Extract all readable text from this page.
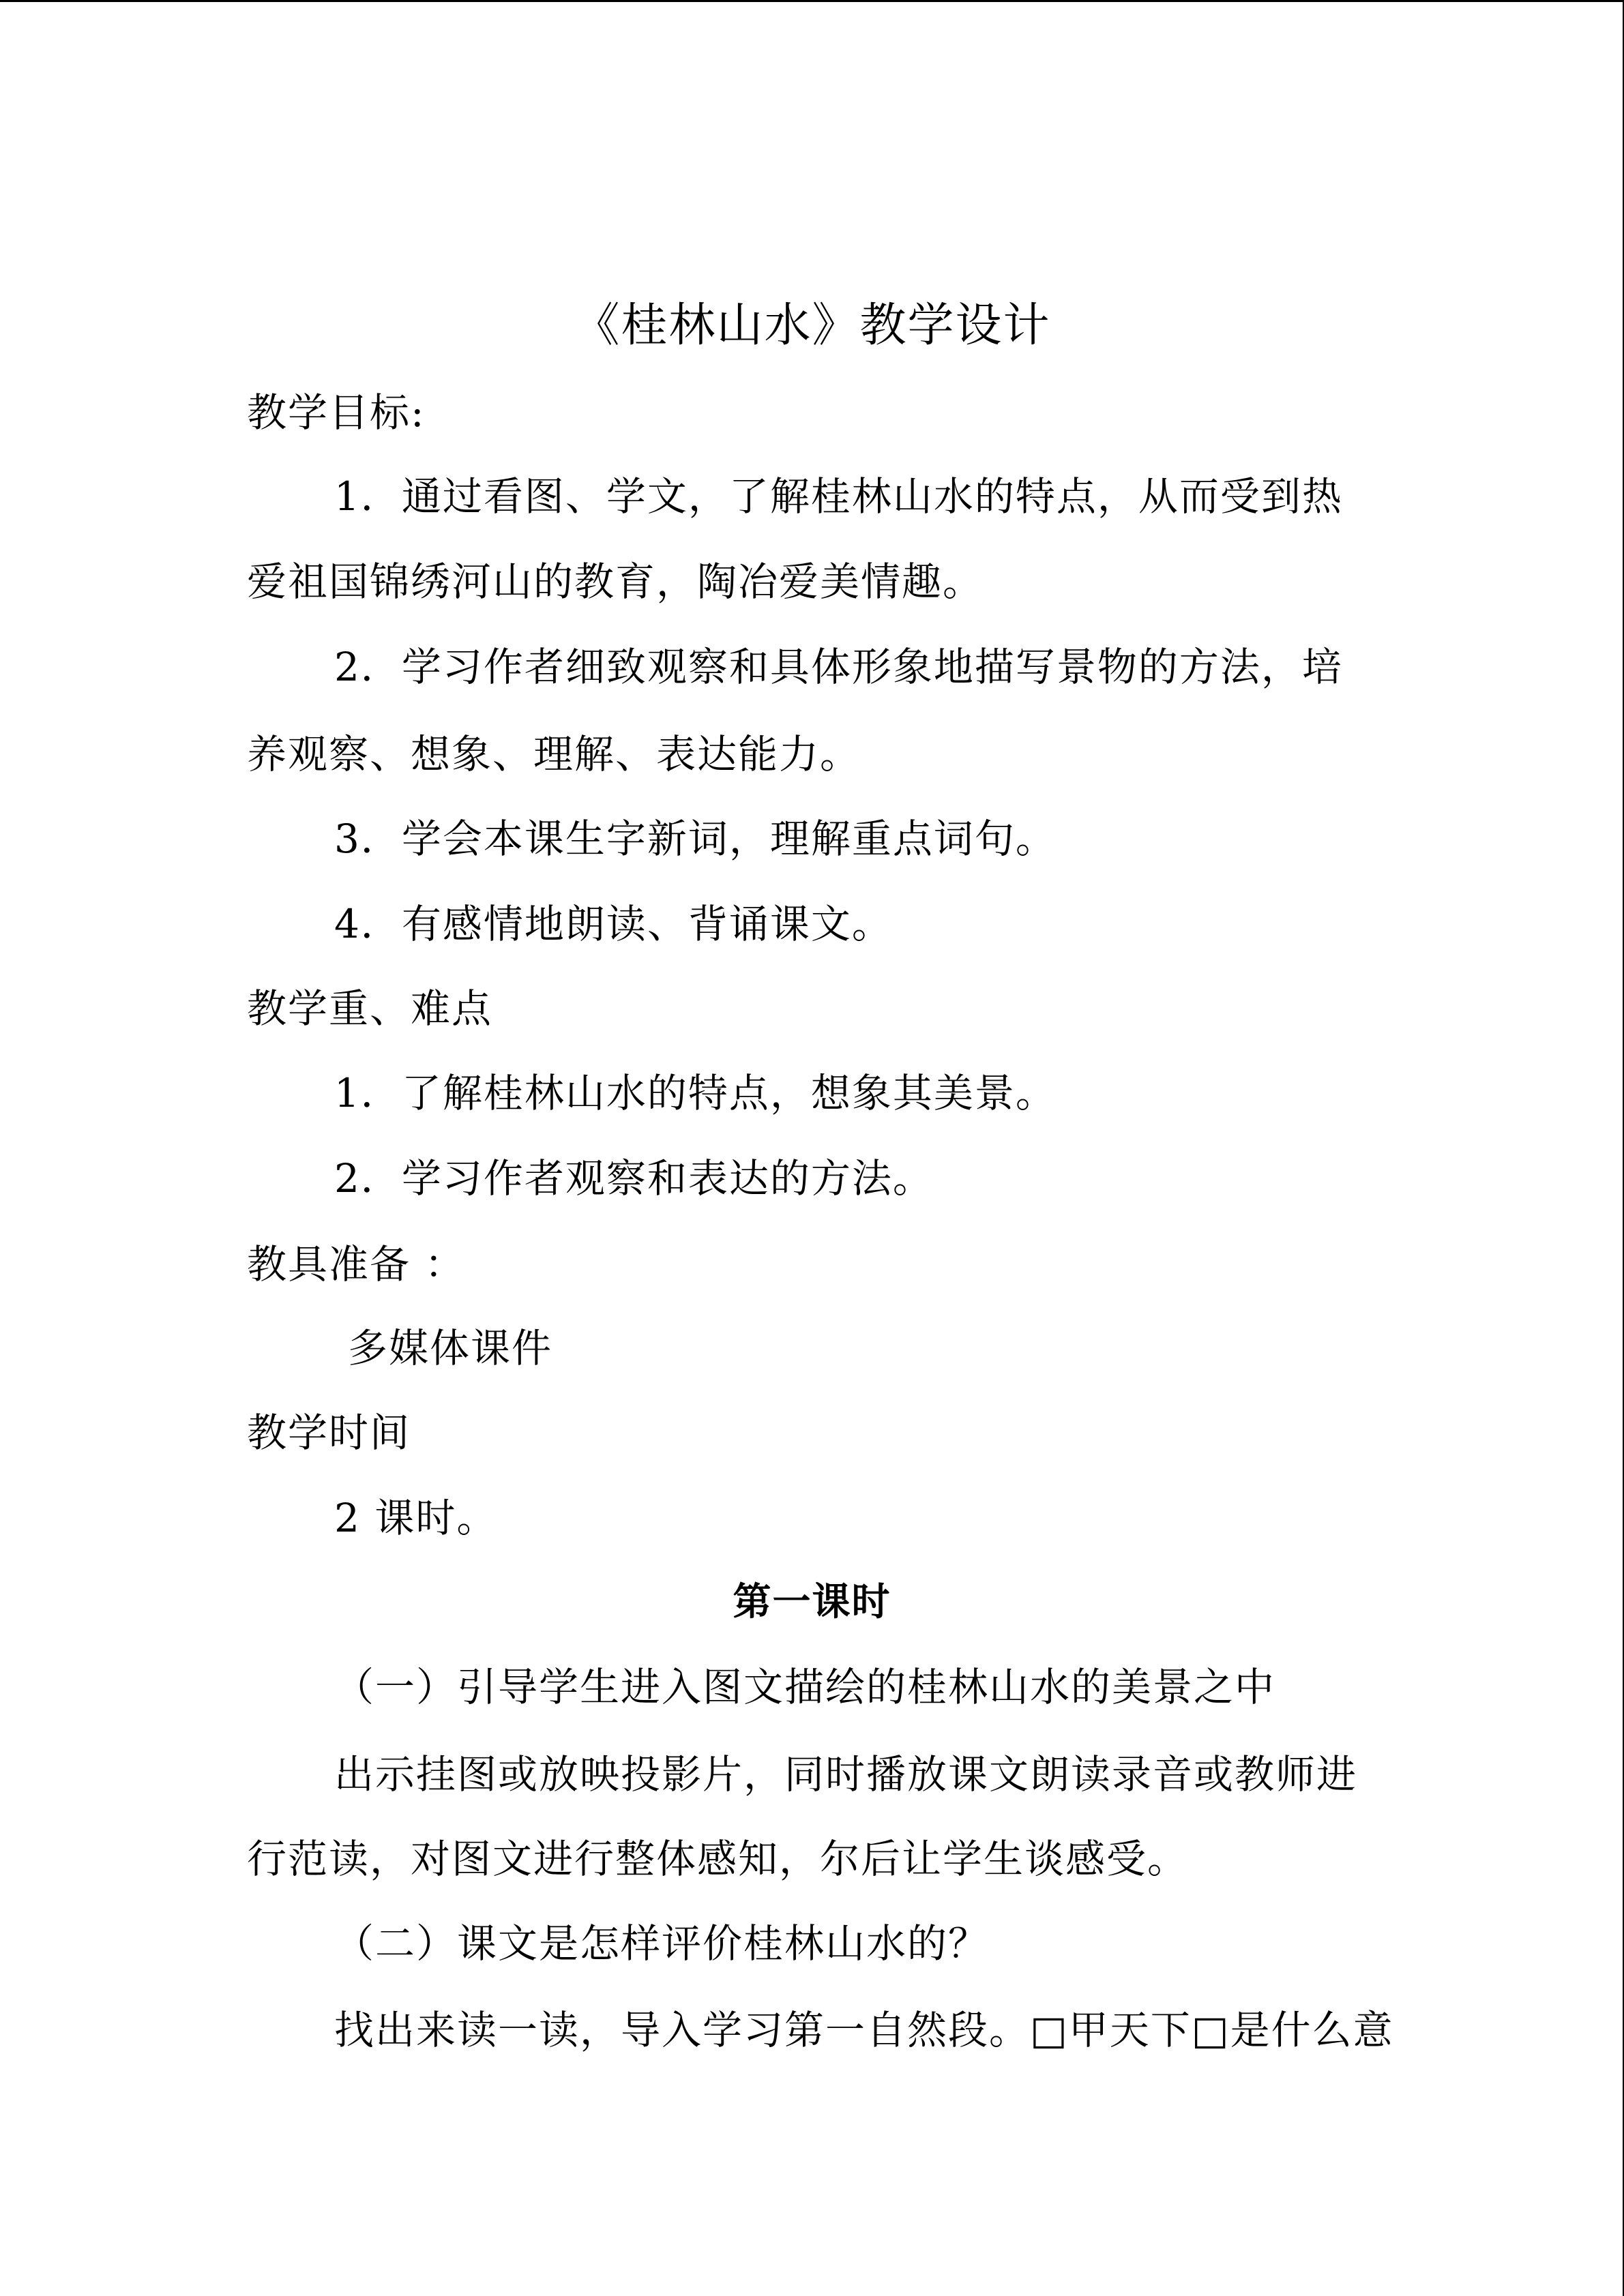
《桂林山水》教学设计
教学目标:
1．通过看图、学文，了解桂林山水的特点，从而受到热
爱祖国锦绣河山的教育，陶冶爱美情趣。
2．学习作者细致观察和具体形象地描写景物的方法，培
养观察、想象、理解、表达能力。
3．学会本课生字新词，理解重点词句。
4．有感情地朗读、背诵课文。
教学重、难点
1．了解桂林山水的特点，想象其美景。
2．学习作者观察和表达的方法。
教具准备 ：
多媒体课件
教学时间
2 课时。
第一课时
（一）引导学生进入图文描绘的桂林山水的美景之中
出示挂图或放映投影片，同时播放课文朗读录音或教师进
行范读，对图文进行整体感知，尔后让学生谈感受。
（二）课文是怎样评价桂林山水的？
找出来读一读，导入学习第一自然段。□甲天下□是什么意
